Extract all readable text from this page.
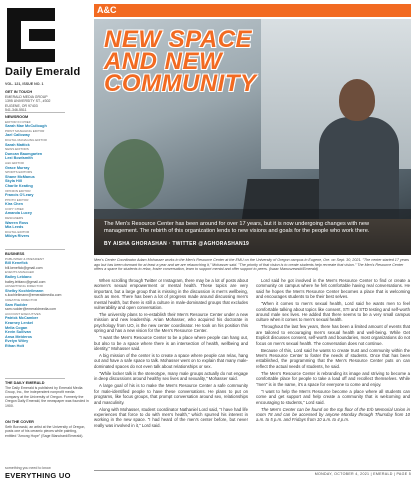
Daily Emerald
VOL. 121, ISSUE NO. 1
GET IN TOUCH
EMERALD MEDIA GROUP
1395 UNIVERSITY ST., #302
EUGENE, OR 97403
541-346-5511
NEWSROOM
EDITOR IN CHIEF
Sarah Mae McCullough
PRINT MANAGING EDITOR
Jael Calloway
DIGITAL MANAGING EDITOR
Sarah Mattick
NEWS EDITORS
Duncan Baumgarten
Lexi Bowlsmith
A&C EDITOR
Grace Murray
SPORTS EDITORS
Shane McManus
Skyla Hill
Charlie Keating
OPINION EDITOR
Francis O'Leary
PHOTO EDITOR
Kira Chen
COPY CHIEF
Amanda Lucey
DESIGNERS
Warren Ross
Mia Leeds
DIGITAL EDITOR
Mikiya Rivers
BUSINESS
PUBLISHER & PRESIDENT
Bill Kenefick
bill.kenefick@gmail.com
EVENTS MANAGER
Bailey Leblanc
bailey.leblanc@gmail.com
ADVERTISING DIRECTOR
Shelby Kochleilmann
s.kochleilmann@emeraldmedia.com
CREATIVE DIRECTOR
Sam Rudder
sam.rudder@emeraldmedia.com
ACCOUNT EXECUTIVES
Patrick McCamber
Kearney Lenkel
Mella Cogan
Kevin Sullivan
Ansa Meideros
Evelyn Wiley
Ethan Holt
THE DAILY EMERALD
The Daily Emerald is published by Emerald Media Group, Inc., the independent nonprofit media company at the University of Oregon. Formerly the Oregon Daily Emerald, the newspaper was founded in 1900.
ON THE COVER
Seth Borowski, an artist at the University of Oregon, posts one of his ceramic pieces while painting, entitled "Among Hope" (Sage Blanchard/Emerald).
something you need to know
EVERYTHING UO
A&C
NEW SPACE
AND NEW
COMMUNITY
The Men's Resource Center has been around for over 17 years, but it is now undergoing changes with new management. The rebirth of this organization lends to new visions and goals for the people who work there.
BY AISHA GHORASHAN · TWITTER @AGHORASHAN19
Men's Center Coordinator Adam Mohasser works in the Men's Resource Center at the EMU on the University of Oregon campus in Eugene, Ore. on Sept. 30, 2021. "The center started 17 years ago but has been dormant for at least a year and we are relaunching it," Mohasser said. "The priority of that vision is to create students help recreate that vision." The Men's Resource Center offers a space for students to relax, foster conversation, learn to support mental and offer support to peers. (Isaac Manuszewski/Emerald)

When scrolling through Twitter or Instagram, there may be a lot of posts about women's sexual empowerment or mental health. These topics are very important, but a large group that is missing in the discussion is men's wellbeing, such as men. There has been a lot of progress made around discussing men's mental health, but there is still a culture in male-dominated groups that excludes vulnerability and open conversation.

The university plans to re-establish their Men's Resource Center under a new mission and new leadership. Arian Mohasser, who acquired his doctorate in psychology from UO, is the new center coordinator. He took on his position this spring and has a new vision for the Men's Resource Center.

"I want the Men's Resource Center to be a place where people can hang out, but also to be a space where there is an intersection of health, wellbeing and identity," Mohasser said.

A big mission of the center is to create a space where people can relax, hang out and have a safe space to talk. Mohasser went on to explain that many male-dominated spaces do not even talk about relationships or sex.

"While locker talk is the stereotype, many male groups actually do not engage in deep discussions around healthy sex lives and sexuality," Mohasser said.

A large goal of his is to make the Men's Resource Center a safe community for male-identified people to have these conversations. He plans to put on programs, like focus groups, that prompt conversation around sex, relationships and masculinity.

Along with Mohasser, student coordinator Nathaniel Lord said, "I have had life experiences that force to do with men's health," which spurred his interest in working in the new space. "I had heard of the men's center before, but never really was involved in it," Lord said.

Lord said he got involved in the Men's Resource Center to find or create a community on campus where he felt comfortable having real conversations. He said he hopes the Men's Resource Center becomes a place that is welcoming and encourages students to be their best selves.

"When it comes to men's sexual health, Lord said he wants men to feel comfortable talking about topics like consent, STI and STD testing and self-worth around male sex lives. He added that there seems to be a very small campus culture when it comes to men's sexual health.

Throughout the last few years, there has been a limited amount of events that are tailored to encouraging men's sexual health and well-being. While Get Explicit discusses consent, self-worth and boundaries, most organizations do not focus on men's sexual health. The conversation does not continue.

Because of this, Lord said he wants to create trust and community within the Men's Resource Center to foster the needs of students. Once that has been established, the programming that the Men's Resource Center puts on can reflect the actual needs of students, he said.

The Men's Resource Center is rebranding its image and striving to become a comfortable place for people to take a load off and recollect themselves. While "men" is in the name, it's a space for everyone to come and enjoy.

"I want to help the Men's Resource become a place where all students can come and get support and help create a community that is welcoming and encouraging to students," Lord said.

The Men's Center can be found on the top floor of the Erb Memorial Union in room 78 and can be accessed by anyone Monday through Thursday from 10 a.m. to 5 p.m. and Fridays from 10 a.m. to 4 p.m.

MONDAY, OCTOBER 4, 2021 | EMERALD | PAGE 5
